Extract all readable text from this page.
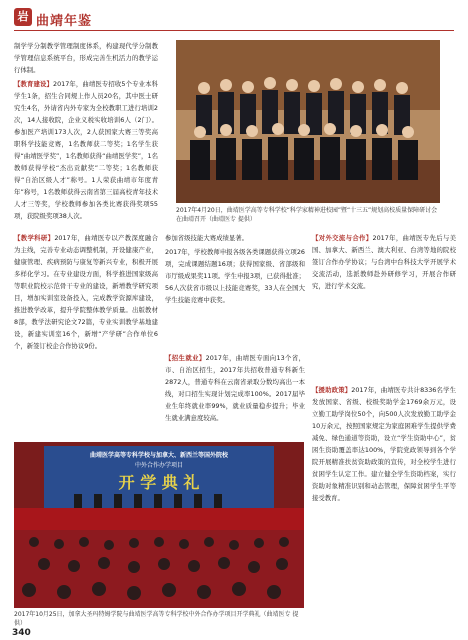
岩 曲靖年鉴
制学学分制教学管理制度体系，构建现代学分制教学管理信息系统平台，形成完善生机活力的教学运行体制。
【教育建设】2017年，曲靖医专招收5个专业本科学生1条，招生合同规上作人员20名，其中医士研究生4名，外请省内外专家为全校教职工进行培训2次，14人接收院，企业义税实收培训6人（2门）。参加医产培训173人次，2人获国家大赛三等奖高职科学技能竞赛，1名教师获二等奖；1名学生获得“曲靖医学奖”，1名教师获得“曲靖医学奖”，1名教师获得学校“杰出贡献奖”二等奖；1名教师获得“自治区级人才”称号。1人荣获曲靖市年度青年”称号，1名教师获得云南省第三届高校青年技术人才三等奖，学校教师参加各类比赛获得奖项55项，获院级奖项38人次。
2017年4月20日，曲靖医学高等专科学校“科学家精神进校园”暨“十三五”规划高校质量保障研讨会在曲靖召开（曲靖医专 提供）
【教学科研】2017年，曲靖医专以产教深度融合为主线，完善专业动态调整机制，开设健康产业，健康管理、疾病预防与康复等新兴专业，积极开展多样化学习。在专业建设方面，科学推进国家级高等职业院校示范骨干专业的建设，新增教学研究项目，增加实训室设备投入，完成教学资源库建设，推进教学改革，提升学院整体教学质量。出版教材8部，教学法研究论文72篇，专业实训教学基地建设，新建实训室16个，新增“产学研”合作单位6个，新签订校企合作协议9份。
参加省级技能大赛成绩显著。
2017年，学校教师申报各级各类课题获得立项26项，完成课题结题16项；获得国家级、省部级和市厅级成果奖11项。学生申报3项，已获得批准；56人次获省市级以上技能竞赛奖，33人在全国大学生技能竞赛中获奖。
【招生就业】2017年，曲靖医专面向13个省，市、自治区招生，2017年共招收普通专科新生2872人，普通专科在云南省录取分数均高出一本线，对口招生实现计划完成率100%。2017届毕业生年终就业率99%，就业质量稳步提升；毕业生就业满意度较高。
【对外交流与合作】2017年，曲靖医专先后与美国、加拿大、新西兰、澳大利亚、台湾等地的院校签订合作办学协议；与台湾中台科技大学开展学术交流活动，选派教师赴外研修学习，开展合作研究，进行学术交流。
【援助政策】2017年，曲靖医专共计8336名学生发放国家、省级、校级奖助学金1769余万元，设立勤工助学岗位50个，向500人次发放勤工助学金10万余元，按照国家规定为家庭困难学生提供学费减免、绿色通道等资助，设立“学生资助中心”，贫困生资助覆盖率达100%，学院党政领导到各个学院开展精准扶贫资助政策的宣传，对全校学生进行贫困学生认定工作。建立健全学生资助档案，实行资助对象精准识别和动态管理，保障贫困学生平等接受教育。
曲靖医学高等专科学校与加拿大、新西兰等国外院校
中外合作办学项目
开 学 典 礼
2017年10月25日，加拿大圣玛特姆学院与曲靖医学高等专科学校中外合作办学项目开学典礼（曲靖医专 提供）
340
